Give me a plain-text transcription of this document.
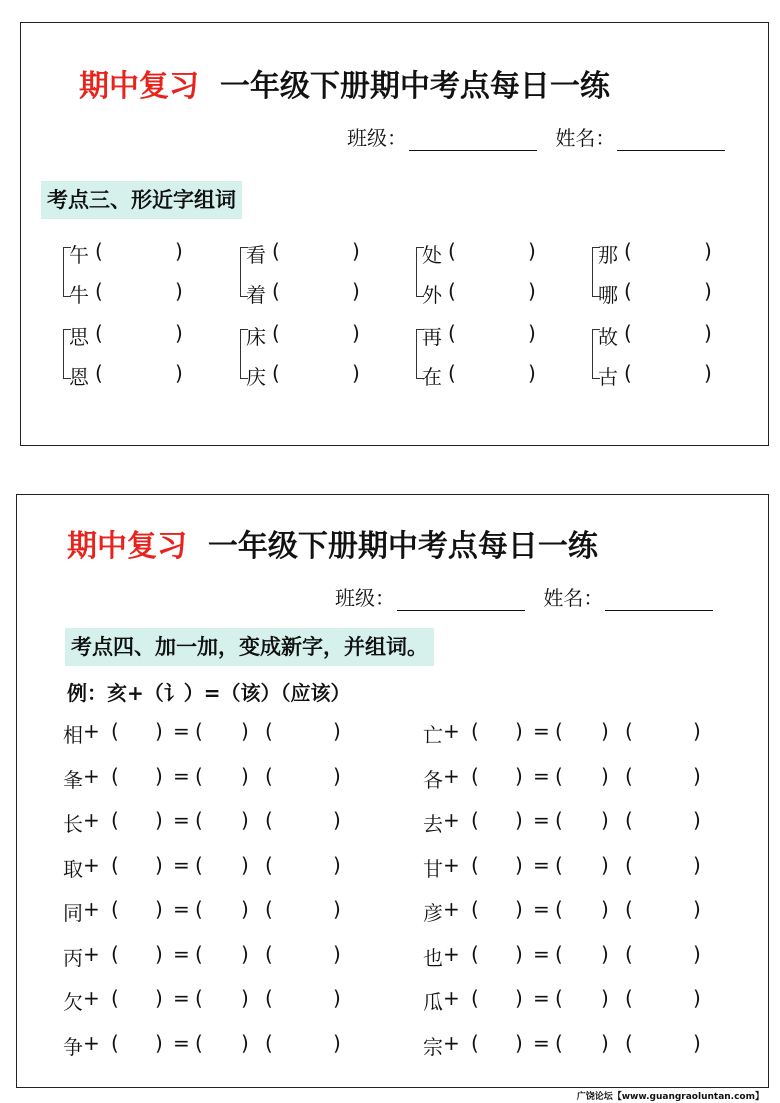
期中复习 一年级下册期中考点每日一练
班级：	姓名：
考点三、形近字组词
午 (	)
牛 (	)
看 (	)
着 (	)
处 (	)
外 (	)
那 (	)
哪 (	)
思 (	)
恩 (	)
床 (	)
庆 (	)
再 (	)
在 (	)
故 (	)
古 (	)
期中复习 一年级下册期中考点每日一练
班级：	姓名：
考点四、加一加，变成新字，并组词。
例：亥+（讠）=（该）（应该）
相 + ( ) = ( ) (	)
夆 + ( ) = ( ) (	)
长 + ( ) = ( ) (	)
取 + ( ) = ( ) (	)
同 + ( ) = ( ) (	)
丙 + ( ) = ( ) (	)
欠 + ( ) = ( ) (	)
争 + ( ) = ( ) (	)
亡 + ( ) = ( ) (	)
各 + ( ) = ( ) (	)
去 + ( ) = ( ) (	)
甘 + ( ) = ( ) (	)
彦 + ( ) = ( ) (	)
也 + ( ) = ( ) (	)
瓜 + ( ) = ( ) (	)
宗 + ( ) = ( ) (	)
广饶论坛【www.guangraoluntan.com】
